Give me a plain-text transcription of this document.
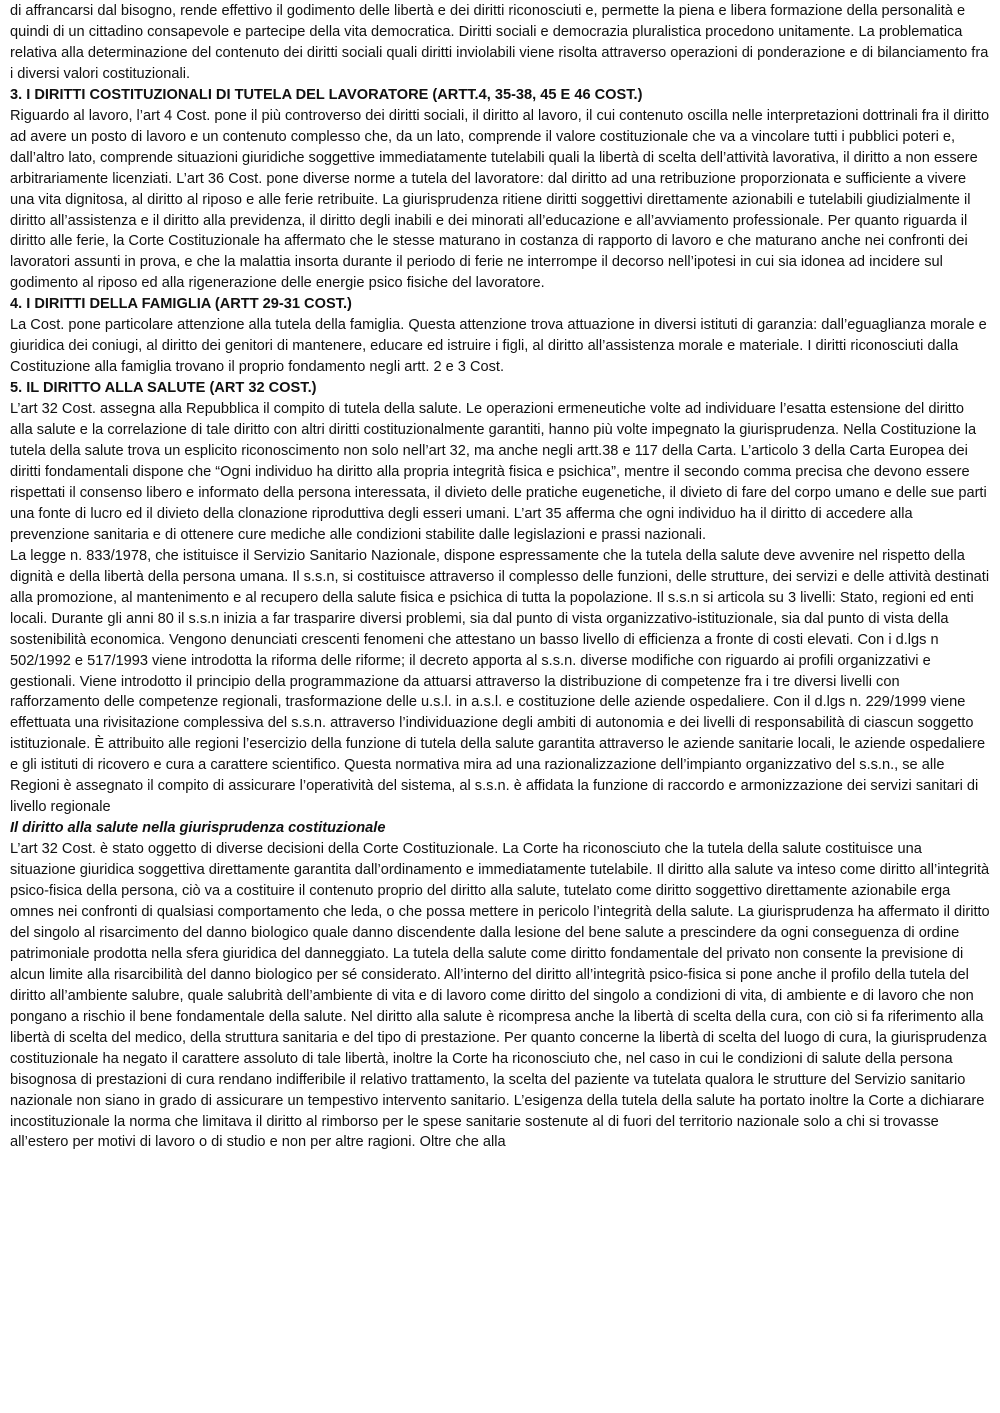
di affrancarsi dal bisogno, rende effettivo il godimento delle libertà e dei diritti riconosciuti e, permette la piena e libera formazione della personalità e quindi di un cittadino consapevole e partecipe della vita democratica. Diritti sociali e democrazia pluralistica procedono unitamente. La problematica relativa alla determinazione del contenuto dei diritti sociali quali diritti inviolabili viene risolta attraverso operazioni di ponderazione e di bilanciamento fra i diversi valori costituzionali.

3. I DIRITTI COSTITUZIONALI DI TUTELA DEL LAVORATORE (ARTT.4, 35-38, 45 E 46 COST.)

Riguardo al lavoro, l’art 4 Cost. pone il più controverso dei diritti sociali, il diritto al lavoro, il cui contenuto oscilla nelle interpretazioni dottrinali fra il diritto ad avere un posto di lavoro e un contenuto complesso che, da un lato, comprende il valore costituzionale che va a vincolare tutti i pubblici poteri e, dall’altro lato, comprende situazioni giuridiche soggettive immediatamente tutelabili quali la libertà di scelta dell’attività lavorativa, il diritto a non essere arbitrariamente licenziati. L’art 36 Cost. pone diverse norme a tutela del lavoratore: dal diritto ad una retribuzione proporzionata e sufficiente a vivere una vita dignitosa, al diritto al riposo e alle ferie retribuite. La giurisprudenza ritiene diritti soggettivi direttamente azionabili e tutelabili giudizialmente il diritto all’assistenza e il diritto alla previdenza, il diritto degli inabili e dei minorati all’educazione e all’avviamento professionale. Per quanto riguarda il diritto alle ferie, la Corte Costituzionale ha affermato che le stesse maturano in costanza di rapporto di lavoro e che maturano anche nei confronti dei lavoratori assunti in prova, e che la malattia insorta durante il periodo di ferie ne interrompe il decorso nell’ipotesi in cui sia idonea ad incidere sul godimento al riposo ed alla rigenerazione delle energie psico fisiche del lavoratore.

4. I DIRITTI DELLA FAMIGLIA (ARTT 29-31 COST.)

La Cost. pone particolare attenzione alla tutela della famiglia. Questa attenzione trova attuazione in diversi istituti di garanzia: dall’eguaglianza morale e giuridica dei coniugi, al diritto dei genitori di mantenere, educare ed istruire i figli, al diritto all’assistenza morale e materiale. I diritti riconosciuti dalla Costituzione alla famiglia trovano il proprio fondamento negli artt. 2 e 3 Cost.

5. IL DIRITTO ALLA SALUTE (ART 32 COST.)

L’art 32 Cost. assegna alla Repubblica il compito di tutela della salute. Le operazioni ermeneutiche volte ad individuare l’esatta estensione del diritto alla salute e la correlazione di tale diritto con altri diritti costituzionalmente garantiti, hanno più volte impegnato la giurisprudenza. Nella Costituzione la tutela della salute trova un esplicito riconoscimento non solo nell’art 32, ma anche negli artt.38 e 117 della Carta. L’articolo 3 della Carta Europea dei diritti fondamentali dispone che “Ogni individuo ha diritto alla propria integrità fisica e psichica”, mentre il secondo comma precisa che devono essere rispettati il consenso libero e informato della persona interessata, il divieto delle pratiche eugenetiche, il divieto di fare del corpo umano e delle sue parti una fonte di lucro ed il divieto della clonazione riproduttiva degli esseri umani. L’art 35 afferma che ogni individuo ha il diritto di accedere alla prevenzione sanitaria e di ottenere cure mediche alle condizioni stabilite dalle legislazioni e prassi nazionali.

La legge n. 833/1978, che istituisce il Servizio Sanitario Nazionale, dispone espressamente che la tutela della salute deve avvenire nel rispetto della dignità e della libertà della persona umana. Il s.s.n, si costituisce attraverso il complesso delle funzioni, delle strutture, dei servizi e delle attività destinati alla promozione, al mantenimento e al recupero della salute fisica e psichica di tutta la popolazione. Il s.s.n si articola su 3 livelli: Stato, regioni ed enti locali. Durante gli anni 80 il s.s.n inizia a far trasparire diversi problemi, sia dal punto di vista organizzativo-istituzionale, sia dal punto di vista della sostenibilità economica. Vengono denunciati crescenti fenomeni che attestano un basso livello di efficienza a fronte di costi elevati. Con i d.lgs n 502/1992 e 517/1993 viene introdotta la riforma delle riforme; il decreto apporta al s.s.n. diverse modifiche con riguardo ai profili organizzativi e gestionali. Viene introdotto il principio della programmazione da attuarsi attraverso la distribuzione di competenze fra i tre diversi livelli con rafforzamento delle competenze regionali, trasformazione delle u.s.l. in a.s.l. e costituzione delle aziende ospedaliere. Con il d.lgs n. 229/1999 viene effettuata una rivisitazione complessiva del s.s.n. attraverso l’individuazione degli ambiti di autonomia e dei livelli di responsabilità di ciascun soggetto istituzionale. È attribuito alle regioni l’esercizio della funzione di tutela della salute garantita attraverso le aziende sanitarie locali, le aziende ospedaliere e gli istituti di ricovero e cura a carattere scientifico. Questa normativa mira ad una razionalizzazione dell’impianto organizzativo del s.s.n., se alle Regioni è assegnato il compito di assicurare l’operatività del sistema, al s.s.n. è affidata la funzione di raccordo e armonizzazione dei servizi sanitari di livello regionale

Il diritto alla salute nella giurisprudenza costituzionale

L’art 32 Cost. è stato oggetto di diverse decisioni della Corte Costituzionale. La Corte ha riconosciuto che la tutela della salute costituisce una situazione giuridica soggettiva direttamente garantita dall’ordinamento e immediatamente tutelabile. Il diritto alla salute va inteso come diritto all’integrità psico-fisica della persona, ciò va a costituire il contenuto proprio del diritto alla salute, tutelato come diritto soggettivo direttamente azionabile erga omnes nei confronti di qualsiasi comportamento che leda, o che possa mettere in pericolo l’integrità della salute. La giurisprudenza ha affermato il diritto del singolo al risarcimento del danno biologico quale danno discendente dalla lesione del bene salute a prescindere da ogni conseguenza di ordine patrimoniale prodotta nella sfera giuridica del danneggiato. La tutela della salute come diritto fondamentale del privato non consente la previsione di alcun limite alla risarcibilità del danno biologico per sé considerato. All’interno del diritto all’integrità psico-fisica si pone anche il profilo della tutela del diritto all’ambiente salubre, quale salubrità dell’ambiente di vita e di lavoro come diritto del singolo a condizioni di vita, di ambiente e di lavoro che non pongano a rischio il bene fondamentale della salute. Nel diritto alla salute è ricompresa anche la libertà di scelta della cura, con ciò si fa riferimento alla libertà di scelta del medico, della struttura sanitaria e del tipo di prestazione. Per quanto concerne la libertà di scelta del luogo di cura, la giurisprudenza costituzionale ha negato il carattere assoluto di tale libertà, inoltre la Corte ha riconosciuto che, nel caso in cui le condizioni di salute della persona bisognosa di prestazioni di cura rendano indifferibile il relativo trattamento, la scelta del paziente va tutelata qualora le strutture del Servizio sanitario nazionale non siano in grado di assicurare un tempestivo intervento sanitario. L’esigenza della tutela della salute ha portato inoltre la Corte a dichiarare incostituzionale la norma che limitava il diritto al rimborso per le spese sanitarie sostenute al di fuori del territorio nazionale solo a chi si trovasse all’estero per motivi di lavoro o di studio e non per altre ragioni. Oltre che alla
